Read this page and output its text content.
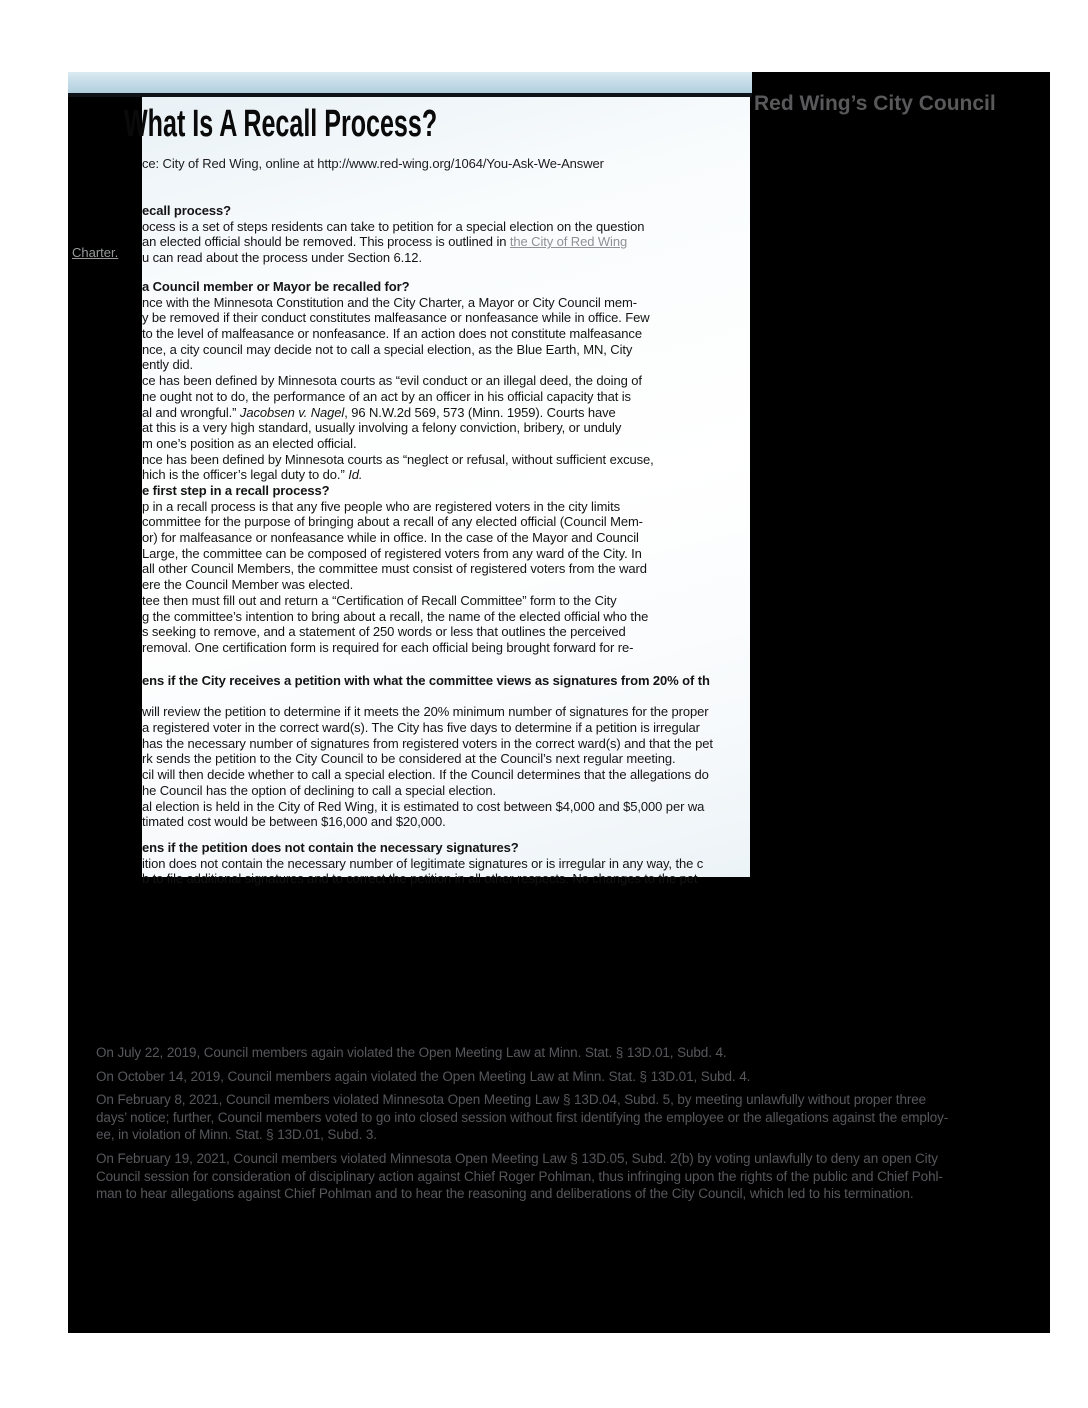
Red Wing’s City Council
Charter.
What Is A Recall Process?
ce: City of Red Wing, online at http://www.red-wing.org/1064/You-Ask-We-Answer
ecall process?
ocess is a set of steps residents can take to petition for a special election on the question
an elected official should be removed. This process is outlined in the City of Red Wing
u can read about the process under Section 6.12.
a Council member or Mayor be recalled for?
nce with the Minnesota Constitution and the City Charter, a Mayor or City Council mem-
y be removed if their conduct constitutes malfeasance or nonfeasance while in office. Few
to the level of malfeasance or nonfeasance. If an action does not constitute malfeasance
nce, a city council may decide not to call a special election, as the Blue Earth, MN, City
ently did.
ce has been defined by Minnesota courts as “evil conduct or an illegal deed, the doing of
ne ought not to do, the performance of an act by an officer in his official capacity that is
al and wrongful.” Jacobsen v. Nagel, 96 N.W.2d 569, 573 (Minn. 1959). Courts have
at this is a very high standard, usually involving a felony conviction, bribery, or unduly
m one’s position as an elected official.
nce has been defined by Minnesota courts as “neglect or refusal, without sufficient excuse,
hich is the officer’s legal duty to do.” Id.
e first step in a recall process?
p in a recall process is that any five people who are registered voters in the city limits
committee for the purpose of bringing about a recall of any elected official (Council Mem-
or) for malfeasance or nonfeasance while in office. In the case of the Mayor and Council
Large, the committee can be composed of registered voters from any ward of the City. In
all other Council Members, the committee must consist of registered voters from the ward
ere the Council Member was elected.
tee then must fill out and return a “Certification of Recall Committee” form to the City
g the committee’s intention to bring about a recall, the name of the elected official who the
s seeking to remove, and a statement of 250 words or less that outlines the perceived
removal. One certification form is required for each official being brought forward for re-
ens if the City receives a petition with what the committee views as signatures from 20% of th

will review the petition to determine if it meets the 20% minimum number of signatures for the proper
a registered voter in the correct ward(s). The City has five days to determine if a petition is irregular
has the necessary number of signatures from registered voters in the correct ward(s) and that the pet
rk sends the petition to the City Council to be considered at the Council’s next regular meeting.
cil will then decide whether to call a special election. If the Council determines that the allegations do
he Council has the option of declining to call a special election.
al election is held in the City of Red Wing, it is estimated to cost between $4,000 and $5,000 per wa
timated cost would be between $16,000 and $20,000.
ens if the petition does not contain the necessary signatures?
ition does not contain the necessary number of legitimate signatures or is irregular in any way, the c
b to file additional signatures and to correct the petition in all other respects. No changes to the pet
On July 22, 2019, Council members again violated the Open Meeting Law at Minn. Stat. § 13D.01, Subd. 4.
On October 14, 2019, Council members again violated the Open Meeting Law at Minn. Stat. § 13D.01, Subd. 4.
On February 8, 2021, Council members violated Minnesota Open Meeting Law § 13D.04, Subd. 5, by meeting unlawfully without proper three
days’ notice; further, Council members voted to go into closed session without first identifying the employee or the allegations against the employ-
ee, in violation of Minn. Stat. § 13D.01, Subd. 3.
On February 19, 2021, Council members violated Minnesota Open Meeting Law § 13D.05, Subd. 2(b) by voting unlawfully to deny an open City
Council session for consideration of disciplinary action against Chief Roger Pohlman, thus infringing upon the rights of the public and Chief Pohl-
man to hear allegations against Chief Pohlman and to hear the reasoning and deliberations of the City Council, which led to his termination.
